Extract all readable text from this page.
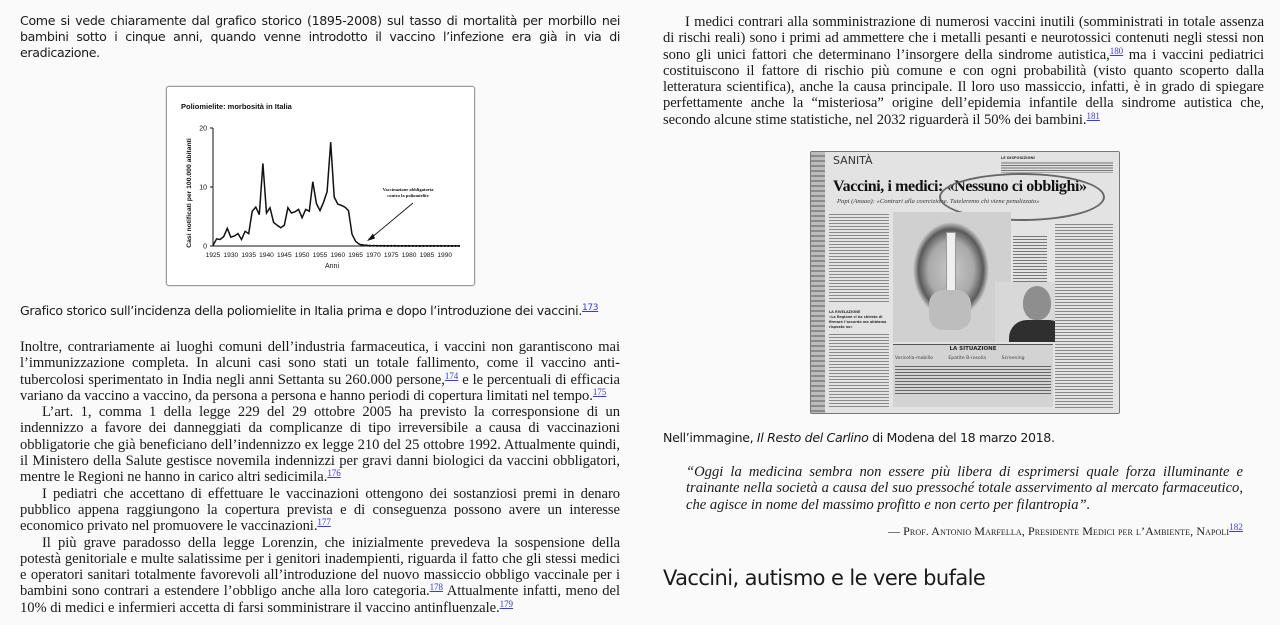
Come si vede chiaramente dal grafico storico (1895-2008) sul tasso di mortalità per morbillo nei bambini sotto i cinque anni, quando venne introdotto il vaccino l’infezione era già in via di eradicazione.

Poliomielite: morbosità in Italia
0
10
20
1925 1930 1935 1940 1945 1950 1955 1960 1965 1970 1975 1980 1985 1990
Casi notificati per 100.000 abitanti
Anni
Vaccinazione obbligatoria
contro la poliomielite

Grafico storico sull’incidenza della poliomielite in Italia prima e dopo l’introduzione dei vaccini.$^{173}$

Inoltre, contrariamente ai luoghi comuni dell’industria farmaceutica, i vaccini non garantiscono mai l’immunizzazione completa. In alcuni casi sono stati un totale fallimento, come il vaccino anti-tubercolosi sperimentato in India negli anni Settanta su 260.000 persone,$^{174}$ e le percentuali di efficacia variano da vaccino a vaccino, da persona a persona e hanno periodi di copertura limitati nel tempo.$^{175}$

L’art. 1, comma 1 della legge 229 del 29 ottobre 2005 ha previsto la corresponsione di un indennizzo a favore dei danneggiati da complicanze di tipo irreversibile a causa di vaccinazioni obbligatorie che già beneficiano dell’indennizzo ex legge 210 del 25 ottobre 1992. Attualmente quindi, il Ministero della Salute gestisce novemila indennizzi per gravi danni biologici da vaccini obbligatori, mentre le Regioni ne hanno in carico altri sedicimila.$^{176}$

I pediatri che accettano di effettuare le vaccinazioni ottengono dei sostanziosi premi in denaro pubblico appena raggiungono la copertura prevista e di conseguenza possono avere un interesse economico privato nel promuovere le vaccinazioni.$^{177}$

Il più grave paradosso della legge Lorenzin, che inizialmente prevedeva la sospensione della potestà genitoriale e multe salatissime per i genitori inadempienti, riguarda il fatto che gli stessi medici e operatori sanitari totalmente favorevoli all’introduzione del nuovo massiccio obbligo vaccinale per i bambini sono contrari a estendere l’obbligo anche alla loro categoria.$^{178}$ Attualmente infatti, meno del 10% di medici e infermieri accetta di farsi somministrare il vaccino antinfluenzale.$^{179}$

I medici contrari alla somministrazione di numerosi vaccini inutili (somministrati in totale assenza di rischi reali) sono i primi ad ammettere che i metalli pesanti e neurotossici contenuti negli stessi non sono gli unici fattori che determinano l’insorgere della sindrome autistica,$^{180}$ ma i vaccini pediatrici costituiscono il fattore di rischio più comune e con ogni probabilità (visto quanto scoperto dalla letteratura scientifica), anche la causa principale. Il loro uso massiccio, infatti, è in grado di spiegare perfettamente anche la “misteriosa” origine dell’epidemia infantile della sindrome autistica che, secondo alcune stime statistiche, nel 2032 riguarderà il 50% dei bambini.$^{181}$

SANITÀ	LE DISPOSIZIONI
Vaccini, i medici: «Nessuno ci obblighi»
Papi (Anaao): «Contrari alla coercizione. Tuteleremo chi viene penalizzato»
LA RIVELAZIONE
«La Regione ci ha chiesto di firmare l’accordo ma abbiamo risposto no»
LA SITUAZIONE
Varicella-mobillo	Epatite B-rosolia	Screening

Nell’immagine, Il Resto del Carlino di Modena del 18 marzo 2018.

“Oggi la medicina sembra non essere più libera di esprimersi quale forza illuminante e trainante nella società a causa del suo pressoché totale asservimento al mercato farmaceutico, che agisce in nome del massimo profitto e non certo per filantropia”.

— Prof. Antonio Marfella, Presidente Medici per l’Ambiente, Napoli$^{182}$

Vaccini, autismo e le vere bufale
